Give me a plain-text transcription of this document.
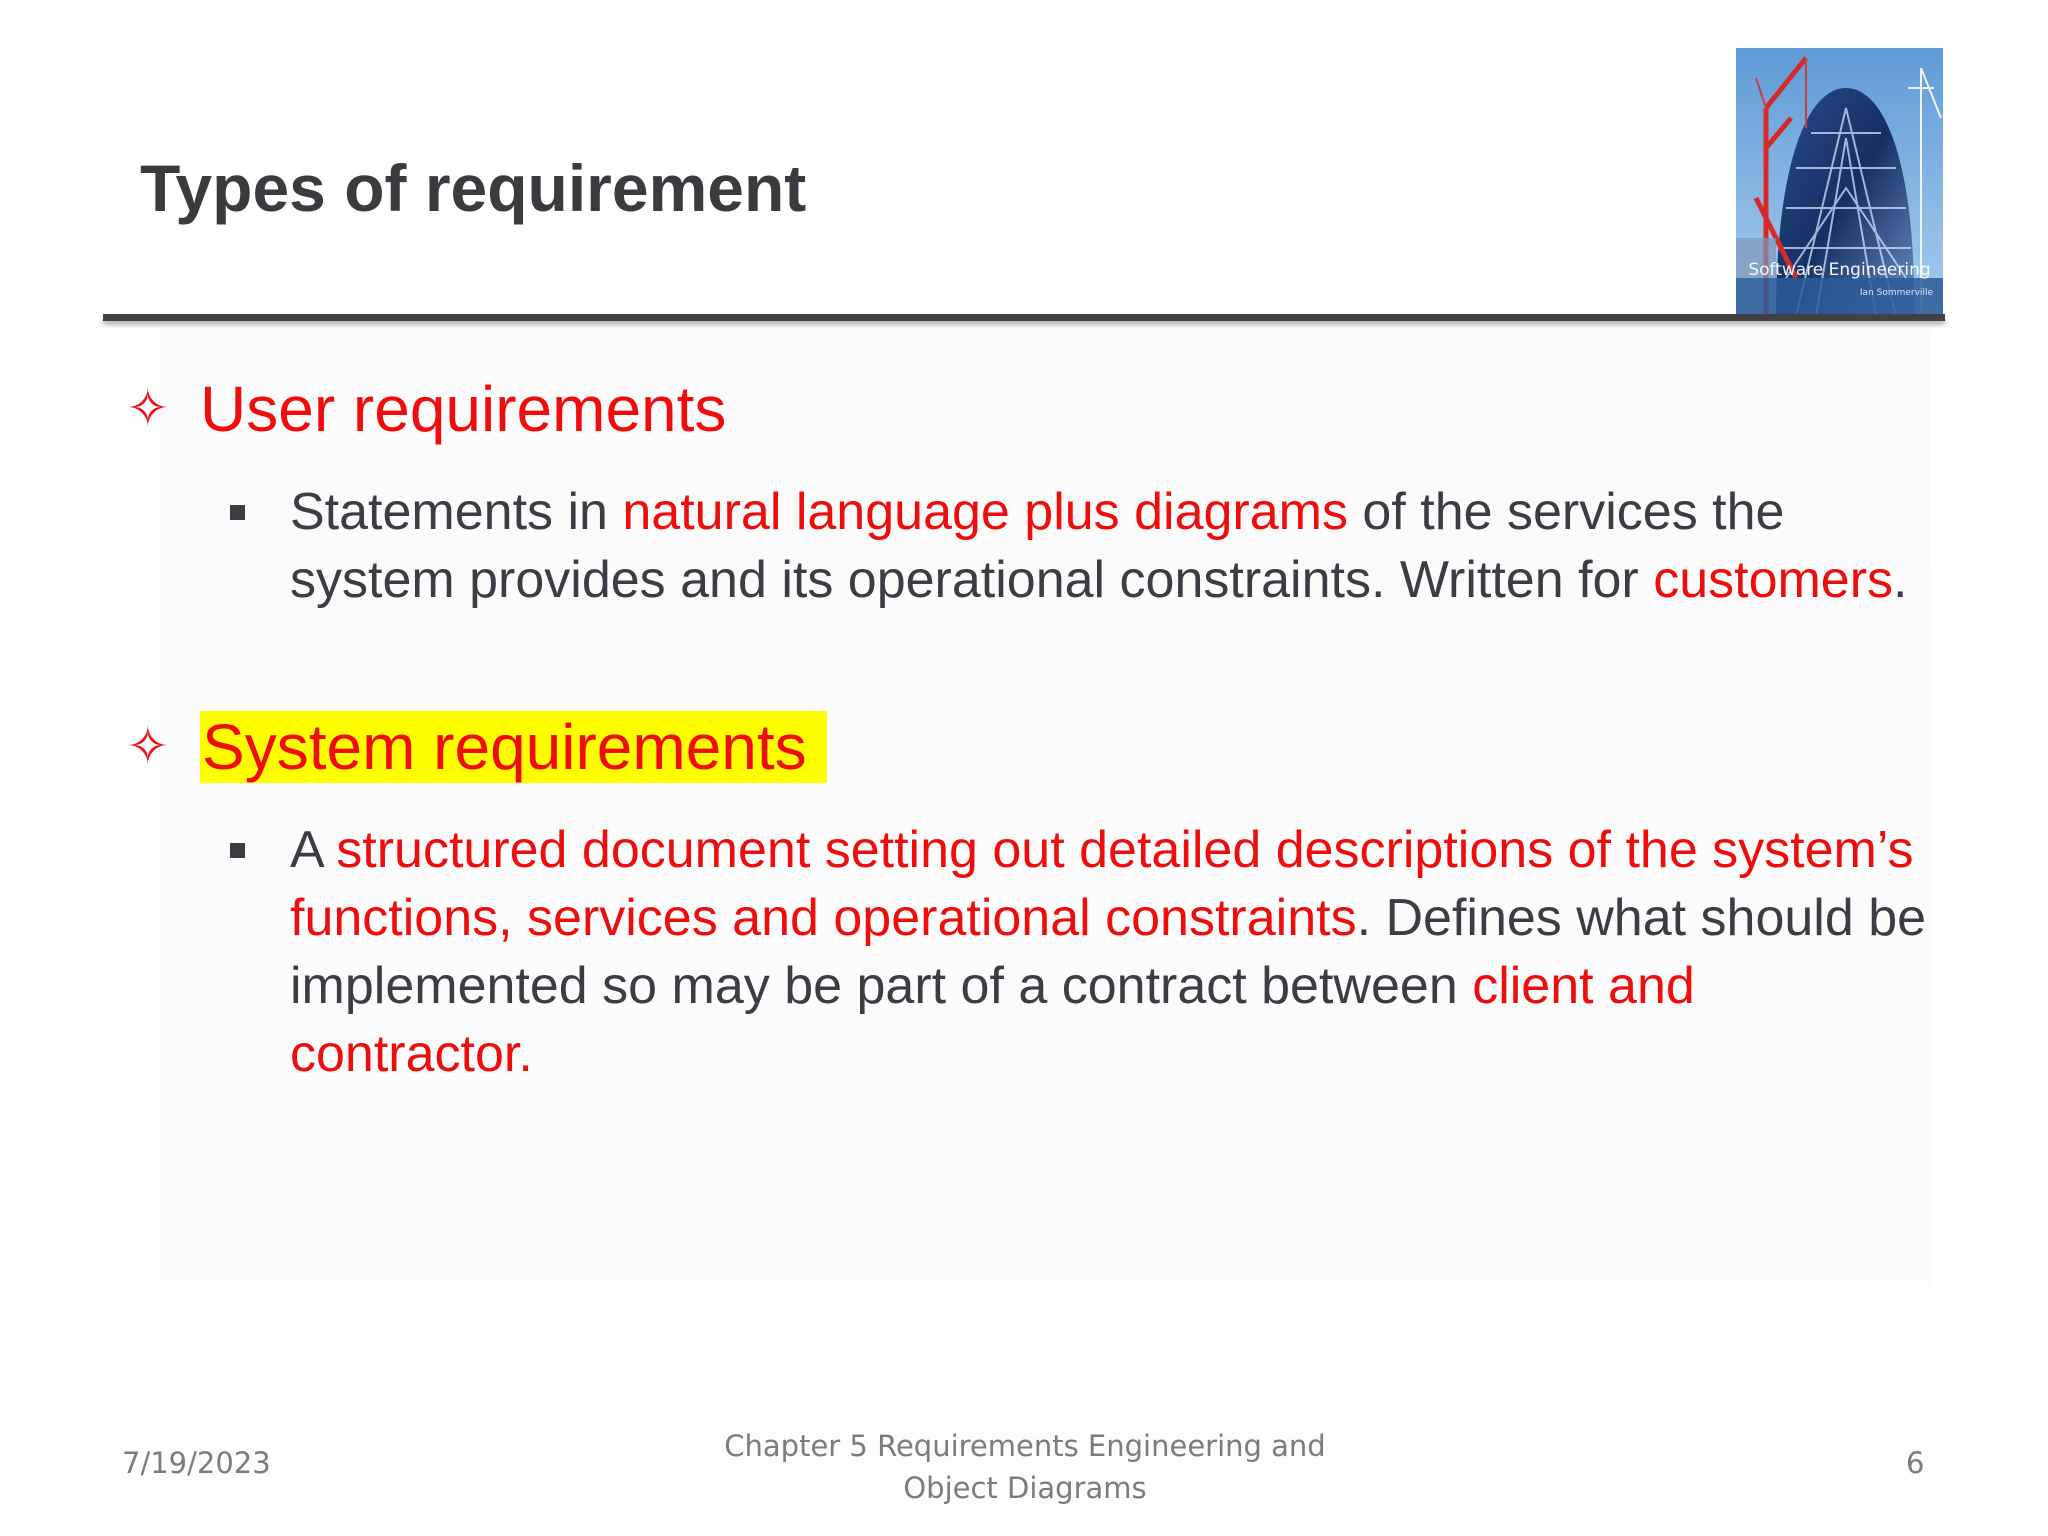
Types of requirement
Software Engineering
Ian Sommerville
✧ User requirements
Statements in natural language plus diagrams of the services the system provides and its operational constraints. Written for customers.
✧ System requirements
A structured document setting out detailed descriptions of the system’s functions, services and operational constraints. Defines what should be implemented so may be part of a contract between client and contractor.
7/19/2023	Chapter 5 Requirements Engineering and
Object Diagrams
6
